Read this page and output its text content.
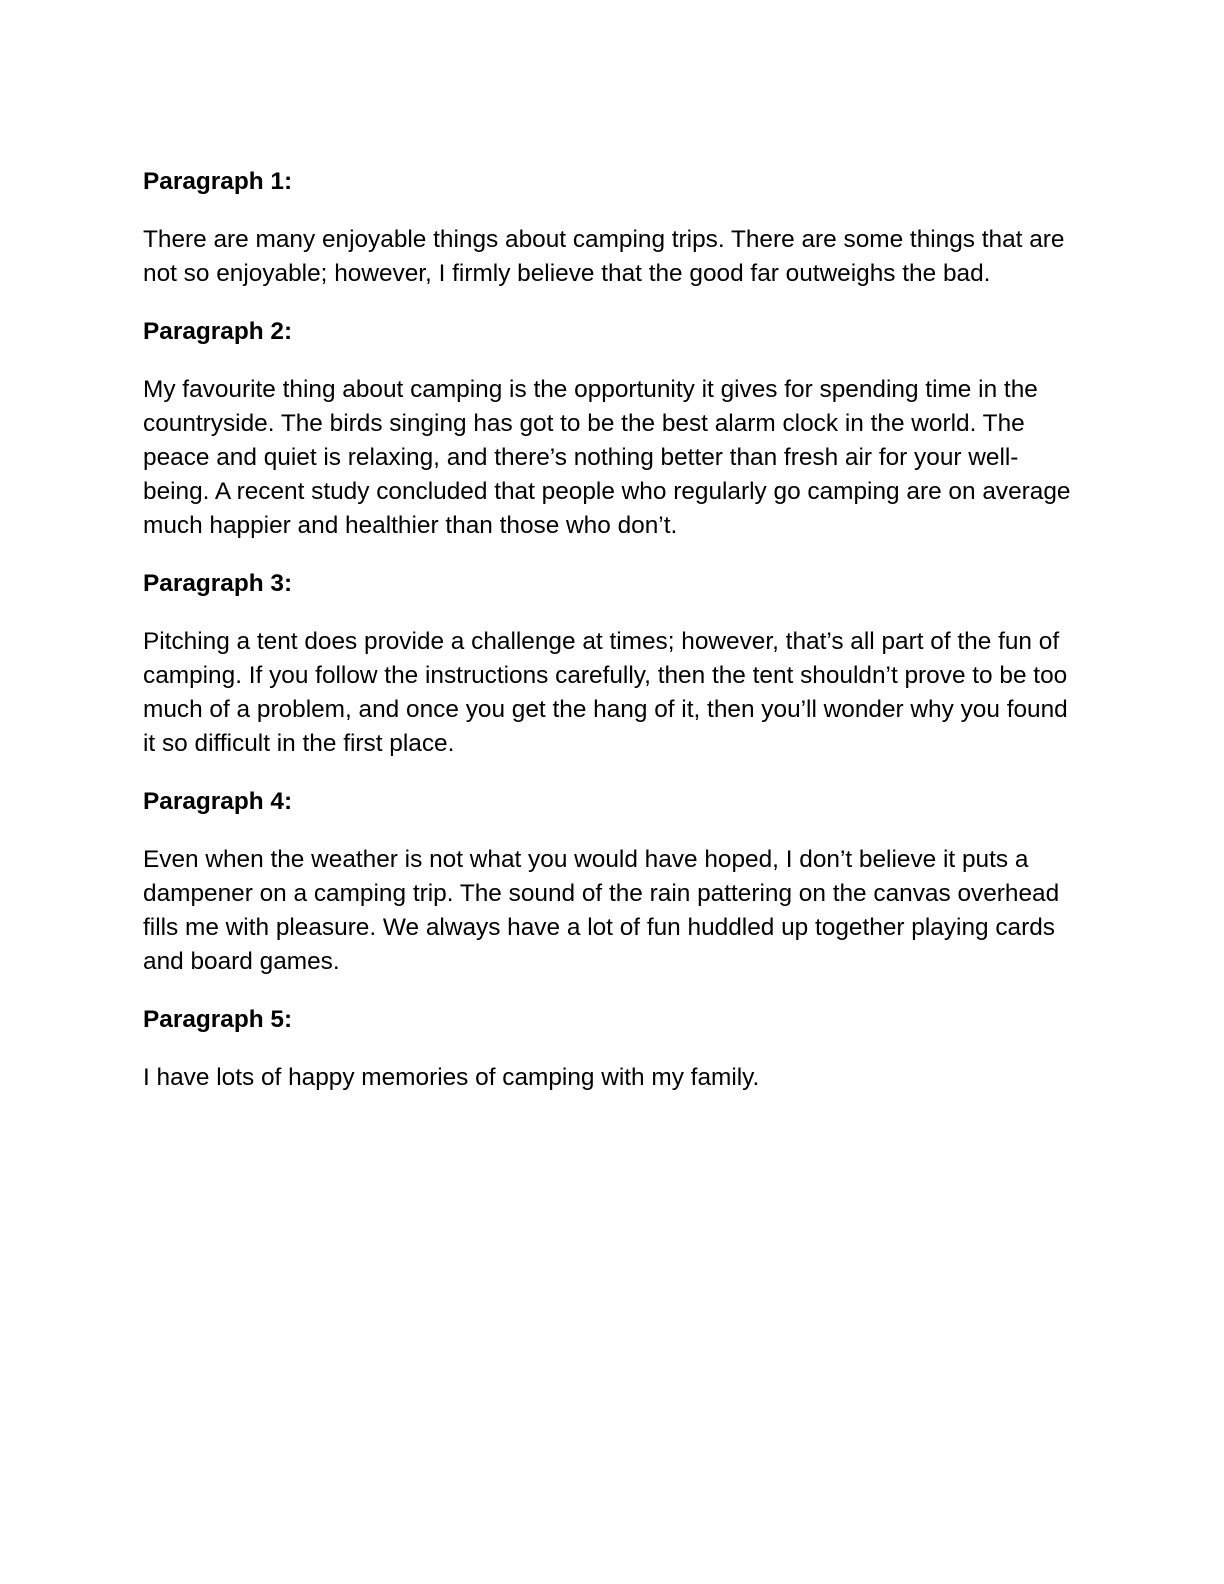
Paragraph 1:

There are many enjoyable things about camping trips. There are some things that are not so enjoyable; however, I firmly believe that the good far outweighs the bad.

Paragraph 2:

My favourite thing about camping is the opportunity it gives for spending time in the countryside. The birds singing has got to be the best alarm clock in the world. The peace and quiet is relaxing, and there’s nothing better than fresh air for your well-being. A recent study concluded that people who regularly go camping are on average much happier and healthier than those who don’t.

Paragraph 3:

Pitching a tent does provide a challenge at times; however, that’s all part of the fun of camping. If you follow the instructions carefully, then the tent shouldn’t prove to be too much of a problem, and once you get the hang of it, then you’ll wonder why you found it so difficult in the first place.

Paragraph 4:

Even when the weather is not what you would have hoped, I don’t believe it puts a dampener on a camping trip. The sound of the rain pattering on the canvas overhead fills me with pleasure. We always have a lot of fun huddled up together playing cards and board games.

Paragraph 5:

I have lots of happy memories of camping with my family.
